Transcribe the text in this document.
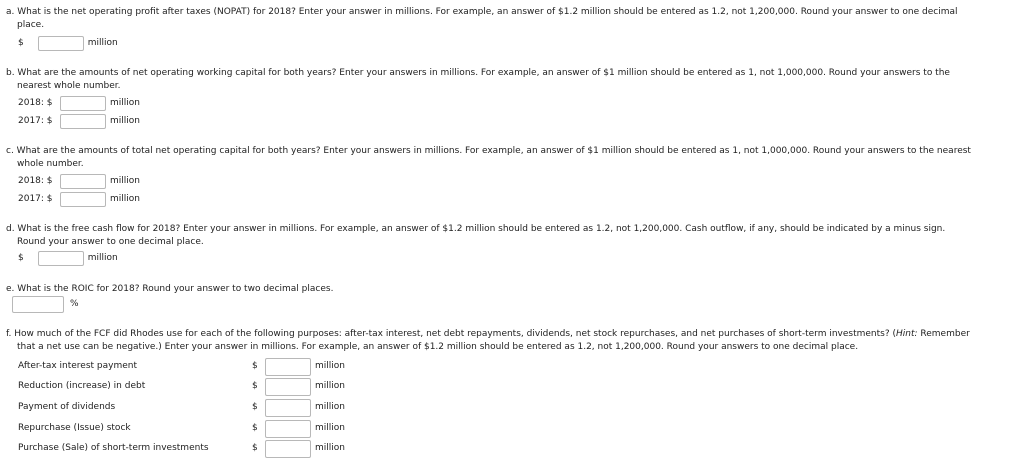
a. What is the net operating profit after taxes (NOPAT) for 2018? Enter your answer in millions. For example, an answer of $1.2 million should be entered as 1.2, not 1,200,000. Round your answer to one decimal

place.

$	million

b. What are the amounts of net operating working capital for both years? Enter your answers in millions. For example, an answer of $1 million should be entered as 1, not 1,000,000. Round your answers to the

nearest whole number.

2018: $	million
2017: $	million

c. What are the amounts of total net operating capital for both years? Enter your answers in millions. For example, an answer of $1 million should be entered as 1, not 1,000,000. Round your answers to the nearest

whole number.

2018: $	million
2017: $	million

d. What is the free cash flow for 2018? Enter your answer in millions. For example, an answer of $1.2 million should be entered as 1.2, not 1,200,000. Cash outflow, if any, should be indicated by a minus sign.

Round your answer to one decimal place.

$	million

e. What is the ROIC for 2018? Round your answer to two decimal places.

%

f. How much of the FCF did Rhodes use for each of the following purposes: after-tax interest, net debt repayments, dividends, net stock repurchases, and net purchases of short-term investments? (Hint: Remember

that a net use can be negative.) Enter your answer in millions. For example, an answer of $1.2 million should be entered as 1.2, not 1,200,000. Round your answers to one decimal place.

After-tax interest payment	$	million
Reduction (increase) in debt	$	million
Payment of dividends	$	million
Repurchase (Issue) stock	$	million
Purchase (Sale) of short-term investments	$	million
